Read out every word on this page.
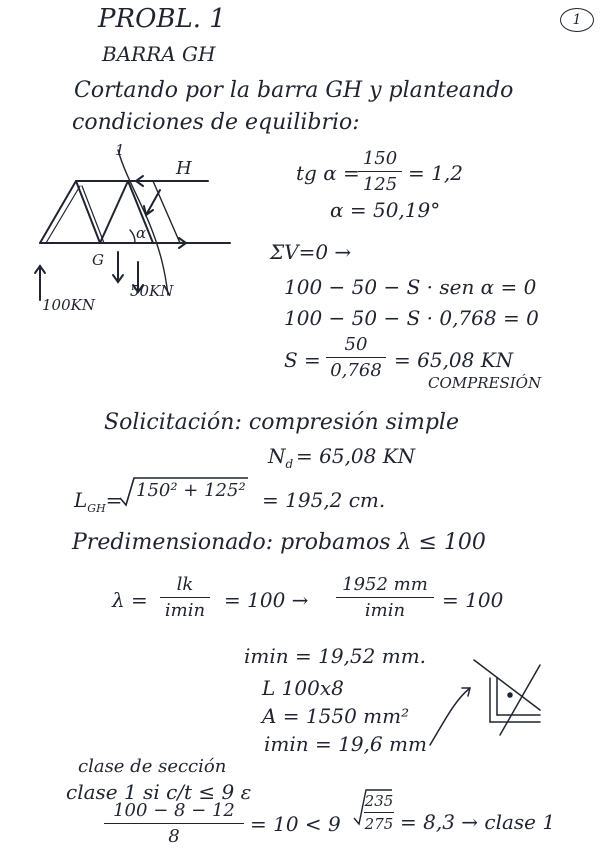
1
PROBL. 1
BARRA GH
Cortando por la barra GH y planteando
condiciones de equilibrio:
H
G
1
α
100KN
50KN
tg α =
150
125 = 1,2
α = 50,19°
ΣV=0 →
100 − 50 − S · sen α = 0
100 − 50 − S · 0,768 = 0
S =
50
0,768 = 65,08 KN
COMPRESIÓN
Solicitación: compresión simple
$N_d = 65,08$ KN
$L_{GH}= 150^2 + 125^2 = 195,2$ cm.
Predimensionado: probamos λ ≤ 100
λ =
lk
imin = 100 →
1952 mm
imin	= 100
imin = 19,52 mm.
L 100x8
A = 1550 mm²
imin = 19,6 mm
clase de sección
clase 1 si c/t ≤ 9 ε
100 − 8 − 12
8
= 10 < 9
235
275 = 8,3 → clase 1
